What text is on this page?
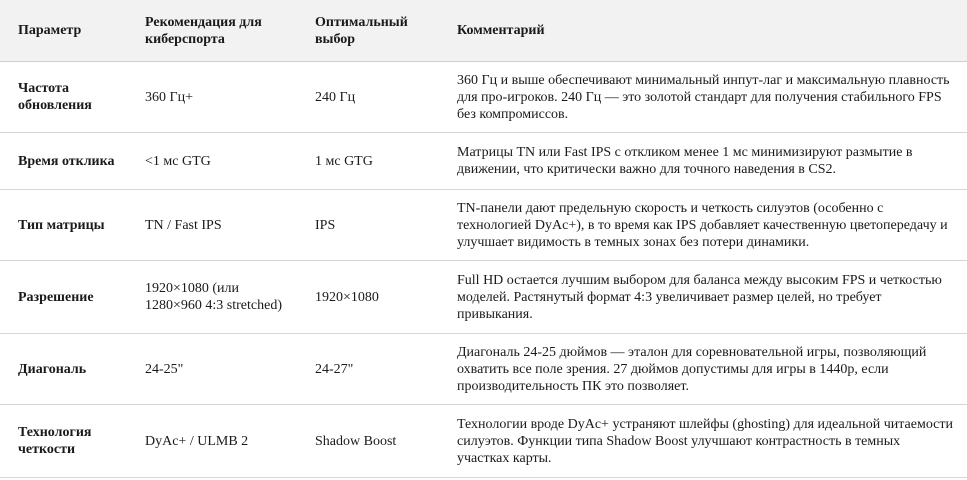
Параметр	Рекомендация для киберспорта	Оптимальный выбор	Комментарий
Частота обновления	360 Гц+	240 Гц	360 Гц и выше обеспечивают минимальный инпут-лаг и максимальную плавность для про-игроков. 240 Гц — это золотой стандарт для получения стабильного FPS без компромиссов.
Время отклика	<1 мс GTG	1 мс GTG	Матрицы TN или Fast IPS с откликом менее 1 мс минимизируют размытие в движении, что критически важно для точного наведения в CS2.
Тип матрицы	TN / Fast IPS	IPS	TN-панели дают предельную скорость и четкость силуэтов (особенно с технологией DyAc+), в то время как IPS добавляет качественную цветопередачу и улучшает видимость в темных зонах без потери динамики.
Разрешение	1920×1080 (или 1280×960 4:3 stretched)	1920×1080	Full HD остается лучшим выбором для баланса между высоким FPS и четкостью моделей. Растянутый формат 4:3 увеличивает размер целей, но требует привыкания.
Диагональ	24-25"	24-27"	Диагональ 24-25 дюймов — эталон для соревновательной игры, позволяющий охватить все поле зрения. 27 дюймов допустимы для игры в 1440p, если производительность ПК это позволяет.
Технология четкости	DyAc+ / ULMB 2	Shadow Boost	Технологии вроде DyAc+ устраняют шлейфы (ghosting) для идеальной читаемости силуэтов. Функции типа Shadow Boost улучшают контрастность в темных участках карты.
